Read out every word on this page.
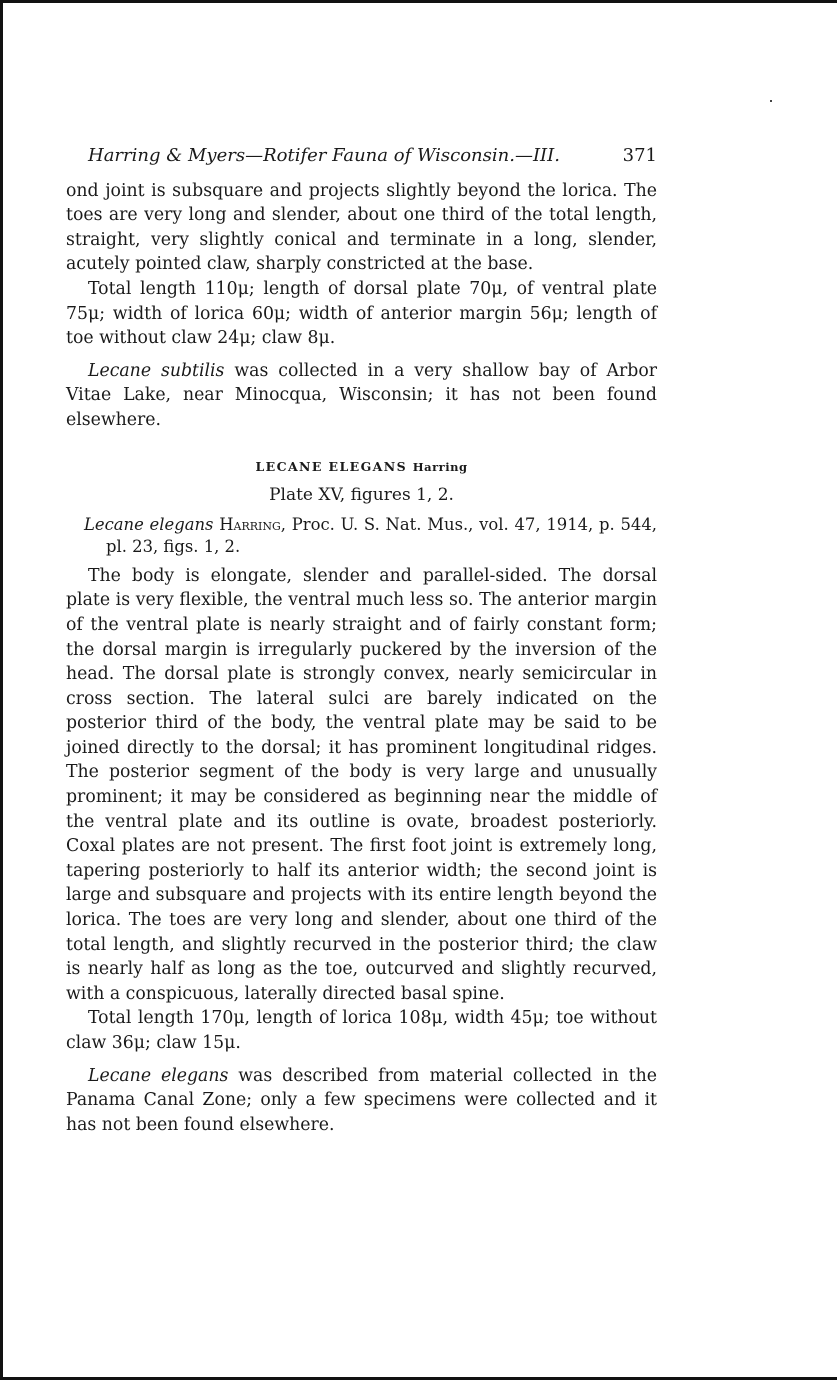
Harring & Myers—Rotifer Fauna of Wisconsin.—III.	371

ond joint is subsquare and projects slightly beyond the lorica. The toes are very long and slender, about one third of the total length, straight, very slightly conical and terminate in a long, slender, acutely pointed claw, sharply constricted at the base.

Total length 110μ; length of dorsal plate 70μ, of ventral plate 75μ; width of lorica 60μ; width of anterior margin 56μ; length of toe without claw 24μ; claw 8μ.

Lecane subtilis was collected in a very shallow bay of Arbor Vitae Lake, near Minocqua, Wisconsin; it has not been found elsewhere.

LECANE ELEGANS Harring
Plate XV, figures 1, 2.

Lecane elegans Harring, Proc. U. S. Nat. Mus., vol. 47, 1914, p. 544, pl. 23, figs. 1, 2.

The body is elongate, slender and parallel-sided. The dorsal plate is very flexible, the ventral much less so. The anterior margin of the ventral plate is nearly straight and of fairly constant form; the dorsal margin is irregularly puckered by the inversion of the head. The dorsal plate is strongly convex, nearly semicircular in cross section. The lateral sulci are barely indicated on the posterior third of the body, the ventral plate may be said to be joined directly to the dorsal; it has prominent longitudinal ridges. The posterior segment of the body is very large and unusually prominent; it may be considered as beginning near the middle of the ventral plate and its outline is ovate, broadest posteriorly. Coxal plates are not present. The first foot joint is extremely long, tapering posteriorly to half its anterior width; the second joint is large and subsquare and projects with its entire length beyond the lorica. The toes are very long and slender, about one third of the total length, and slightly recurved in the posterior third; the claw is nearly half as long as the toe, outcurved and slightly recurved, with a conspicuous, laterally directed basal spine.

Total length 170μ, length of lorica 108μ, width 45μ; toe without claw 36μ; claw 15μ.

Lecane elegans was described from material collected in the Panama Canal Zone; only a few specimens were collected and it has not been found elsewhere.
